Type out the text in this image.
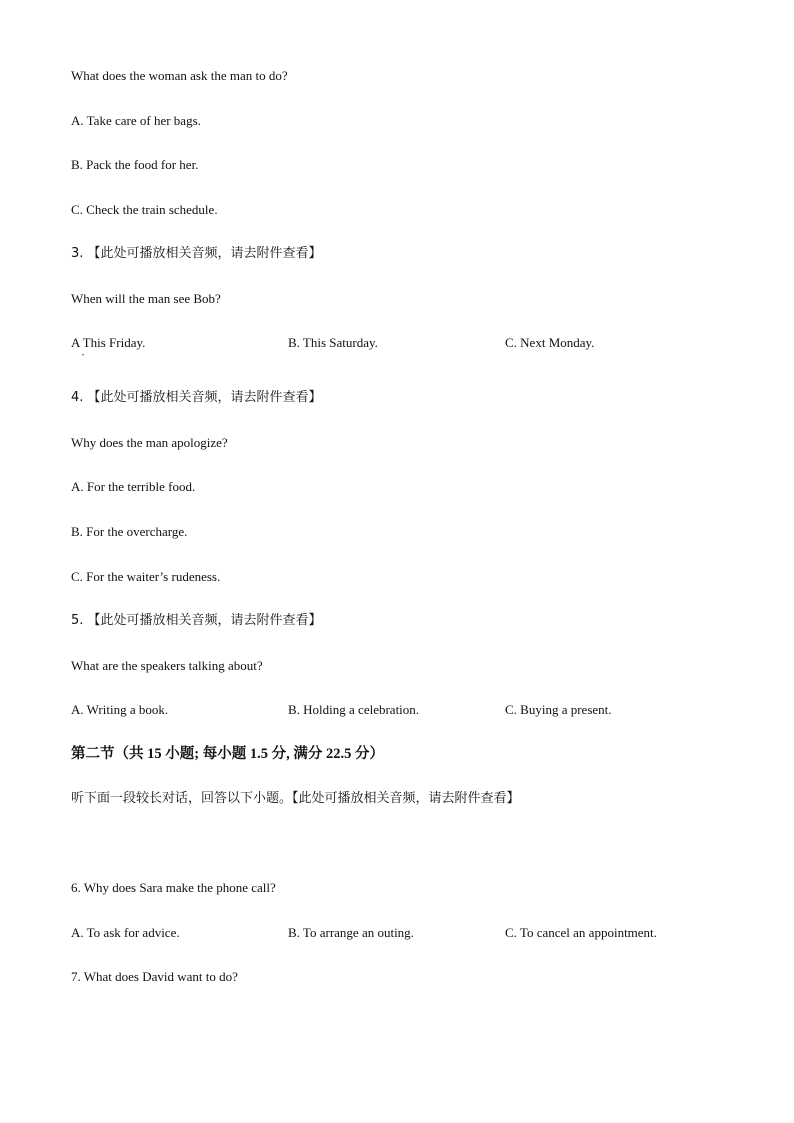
What does the woman ask the man to do?
A. Take care of her bags.
B. Pack the food for her.
C. Check the train schedule.
3. 【此处可播放相关音频，请去附件查看】
When will the man see Bob?
A This Friday.
•
B. This Saturday.	C. Next Monday.
4. 【此处可播放相关音频，请去附件查看】
Why does the man apologize?
A. For the terrible food.
B. For the overcharge.
C. For the waiter’s rudeness.
5. 【此处可播放相关音频，请去附件查看】
What are the speakers talking about?
A. Writing a book.	B. Holding a celebration.	C. Buying a present.
第二节（共 15 小题; 每小题 1.5 分, 满分 22.5 分）
听下面一段较长对话，回答以下小题。【此处可播放相关音频，请去附件查看】
6. Why does Sara make the phone call?
A. To ask for advice.	B. To arrange an outing.	C. To cancel an appointment.
7. What does David want to do?
